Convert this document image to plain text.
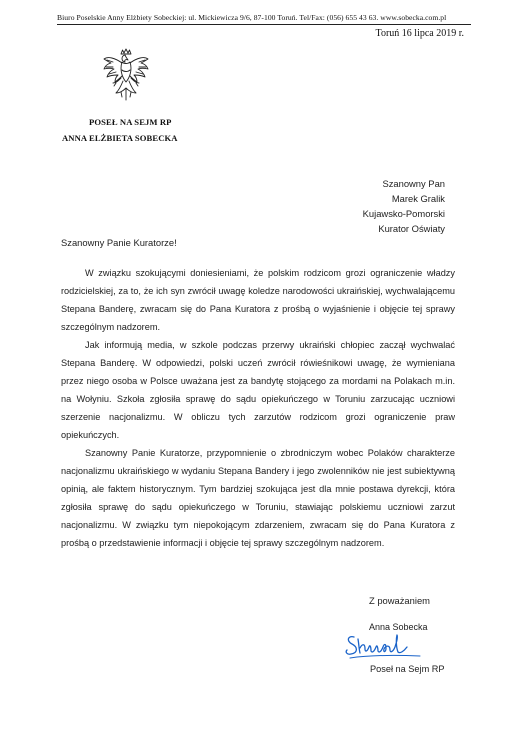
Biuro Poselskie Anny Elżbiety Sobeckiej: ul. Mickiewicza 9/6, 87-100 Toruń. Tel/Fax: (056) 655 43 63. www.sobecka.com.pl
Toruń 16 lipca 2019 r.
POSEŁ NA SEJM RP
ANNA ELŻBIETA SOBECKA
Szanowny Pan
Marek Gralik
Kujawsko-Pomorski
Kurator Oświaty
Szanowny Panie Kuratorze!

W związku szokującymi doniesieniami, że polskim rodzicom grozi ograniczenie władzy rodzicielskiej, za to, że ich syn zwrócił uwagę koledze narodowości ukraińskiej, wychwalającemu Stepana Banderę, zwracam się do Pana Kuratora z prośbą o wyjaśnienie i objęcie tej sprawy szczególnym nadzorem.

Jak informują media, w szkole podczas przerwy ukraiński chłopiec zaczął wychwalać Stepana Banderę. W odpowiedzi, polski uczeń zwrócił rówieśnikowi uwagę, że wymieniana przez niego osoba w Polsce uważana jest za bandytę stojącego za mordami na Polakach m.in. na Wołyniu. Szkoła zgłosiła sprawę do sądu opiekuńczego w Toruniu zarzucając uczniowi szerzenie nacjonalizmu. W obliczu tych zarzutów rodzicom grozi ograniczenie praw opiekuńczych.

Szanowny Panie Kuratorze, przypomnienie o zbrodniczym wobec Polaków charakterze nacjonalizmu ukraińskiego w wydaniu Stepana Bandery i jego zwolenników nie jest subiektywną opinią, ale faktem historycznym. Tym bardziej szokująca jest dla mnie postawa dyrekcji, która zgłosiła sprawę do sądu opiekuńczego w Toruniu, stawiając polskiemu uczniowi zarzut nacjonalizmu. W związku tym niepokojącym zdarzeniem, zwracam się do Pana Kuratora z prośbą o przedstawienie informacji i objęcie tej sprawy szczególnym nadzorem.

Z poważaniem
Anna Sobecka
Poseł na Sejm RP
